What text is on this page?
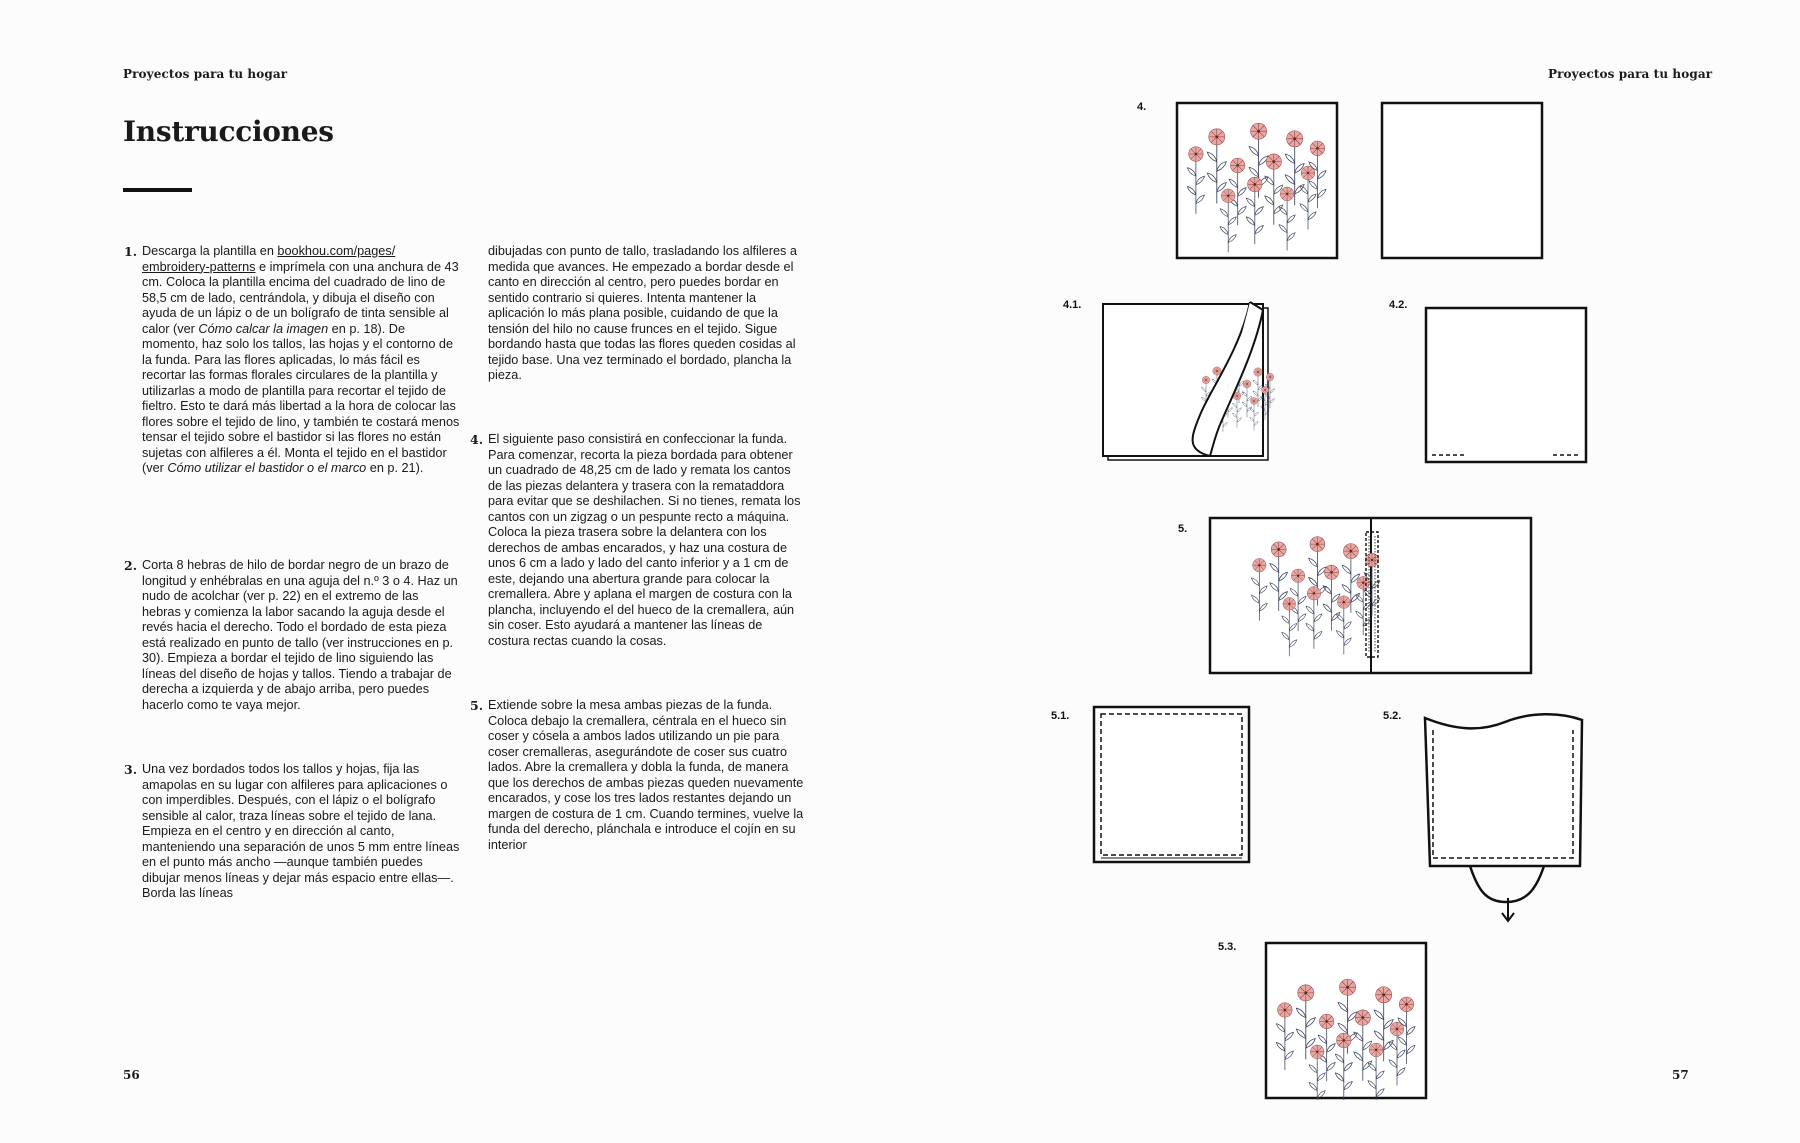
Proyectos para tu hogar
Instrucciones
1. Descarga la plantilla en bookhou.com/pages/ embroidery-patterns e imprímela con una anchura de 43 cm. Coloca la plantilla encima del cuadrado de lino de 58,5 cm de lado, centrándola, y dibuja el diseño con ayuda de un lápiz o de un bolígrafo de tinta sensible al calor (ver Cómo calcar la imagen en p. 18). De momento, haz solo los tallos, las hojas y el contorno de la funda. Para las flores aplicadas, lo más fácil es recortar las formas florales circulares de la plantilla y utilizarlas a modo de plantilla para recortar el tejido de fieltro. Esto te dará más libertad a la hora de colocar las flores sobre el tejido de lino, y también te costará menos tensar el tejido sobre el bastidor si las flores no están sujetas con alfileres a él. Monta el tejido en el bastidor (ver Cómo utilizar el bastidor o el marco en p. 21).

2. Corta 8 hebras de hilo de bordar negro de un brazo de longitud y enhébralas en una aguja del n.º 3 o 4. Haz un nudo de acolchar (ver p. 22) en el extremo de las hebras y comienza la labor sacando la aguja desde el revés hacia el derecho. Todo el bordado de esta pieza está realizado en punto de tallo (ver instrucciones en p. 30). Empieza a bordar el tejido de lino siguiendo las líneas del diseño de hojas y tallos. Tiendo a trabajar de derecha a izquierda y de abajo arriba, pero puedes hacerlo como te vaya mejor.

3. Una vez bordados todos los tallos y hojas, fija las amapolas en su lugar con alfileres para aplicaciones o con imperdibles. Después, con el lápiz o el bolígrafo sensible al calor, traza líneas sobre el tejido de lana. Empieza en el centro y en dirección al canto, manteniendo una separación de unos 5 mm entre líneas en el punto más ancho —aunque también puedes dibujar menos líneas y dejar más espacio entre ellas—. Borda las líneas

dibujadas con punto de tallo, trasladando los alfileres a medida que avances. He empezado a bordar desde el canto en dirección al centro, pero puedes bordar en sentido contrario si quieres. Intenta mantener la aplicación lo más plana posible, cuidando de que la tensión del hilo no cause frunces en el tejido. Sigue bordando hasta que todas las flores queden cosidas al tejido base. Una vez terminado el bordado, plancha la pieza.

4. El siguiente paso consistirá en confeccionar la funda. Para comenzar, recorta la pieza bordada para obtener un cuadrado de 48,25 cm de lado y remata los cantos de las piezas delantera y trasera con la remataddora para evitar que se deshilachen. Si no tienes, remata los cantos con un zigzag o un pespunte recto a máquina. Coloca la pieza trasera sobre la delantera con los derechos de ambas encarados, y haz una costura de unos 6 cm a lado y lado del canto inferior y a 1 cm de este, dejando una abertura grande para colocar la cremallera. Abre y aplana el margen de costura con la plancha, incluyendo el del hueco de la cremallera, aún sin coser. Esto ayudará a mantener las líneas de costura rectas cuando la cosas.

5. Extiende sobre la mesa ambas piezas de la funda. Coloca debajo la cremallera, céntrala en el hueco sin coser y cósela a ambos lados utilizando un pie para coser cremalleras, asegurándote de coser sus cuatro lados. Abre la cremallera y dobla la funda, de manera que los derechos de ambas piezas queden nuevamente encarados, y cose los tres lados restantes dejando un margen de costura de 1 cm. Cuando termines, vuelve la funda del derecho, plánchala e introduce el cojín en su interior

56
Proyectos para tu hogar
57
4.
4.1.	4.2.
5.
5.1.	5.2.
5.3.
